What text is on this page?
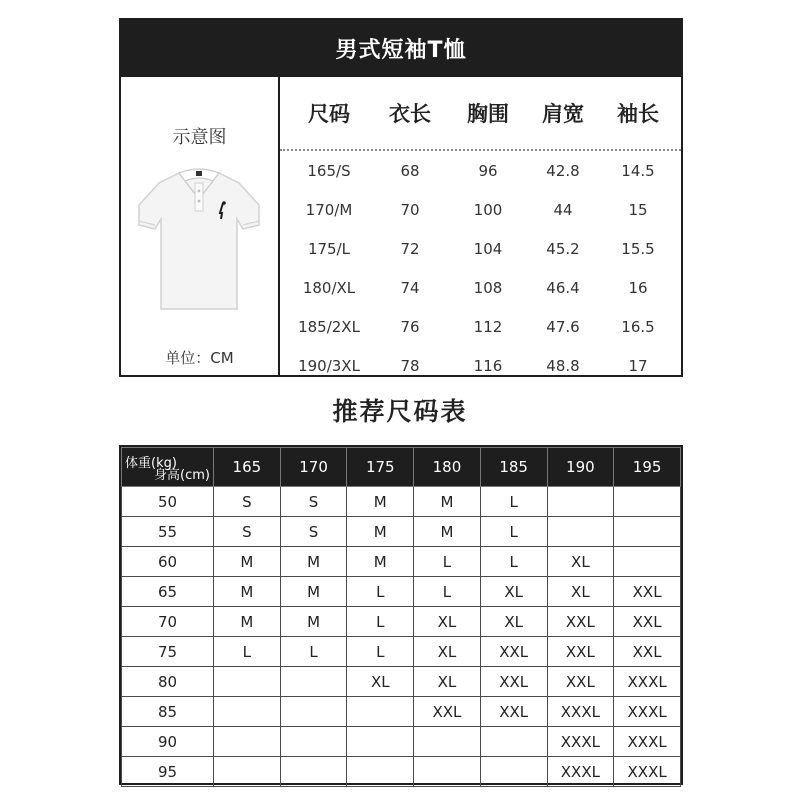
男式短袖T恤
示意图
单位：CM
尺码	衣长	胸围	肩宽	袖长
165/S	68	96	42.8	14.5
170/M	70	100	44	15
175/L	72	104	45.2	15.5
180/XL	74	108	46.4	16
185/2XL	76	112	47.6	16.5
190/3XL	78	116	48.8	17
推荐尺码表
体重(kg)
身高(cm)	165	170	175	180	185	190	195
50	S	S	M	M	L		
55	S	S	M	M	L		
60	M	M	M	L	L	XL	
65	M	M	L	L	XL	XL	XXL
70	M	M	L	XL	XL	XXL	XXL
75	L	L	L	XL	XXL	XXL	XXL
80			XL	XL	XXL	XXL	XXXL
85				XXL	XXL	XXXL	XXXL
90						XXXL	XXXL
95						XXXL	XXXL
